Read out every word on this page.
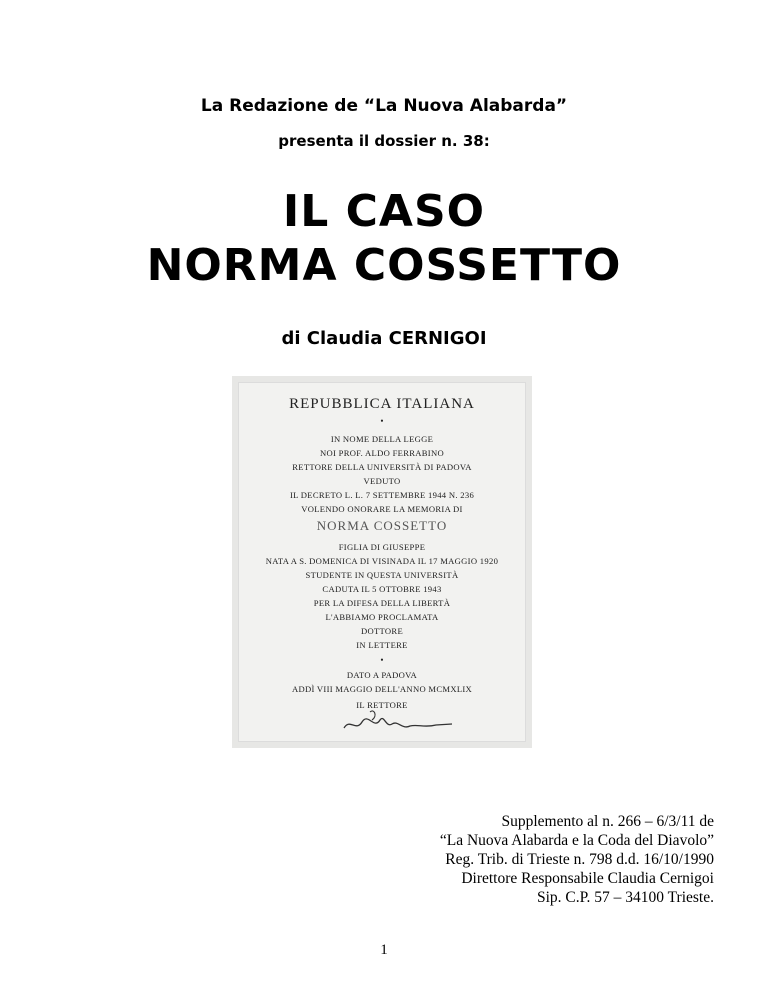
La Redazione de “La Nuova Alabarda”
presenta il dossier n. 38:
IL CASO
NORMA COSSETTO
di Claudia CERNIGOI
REPUBBLICA ITALIANA
•
IN NOME DELLA LEGGE
NOI PROF. ALDO FERRABINO
RETTORE DELLA UNIVERSITÀ DI PADOVA
VEDUTO
IL DECRETO L. L. 7 SETTEMBRE 1944 N. 236
VOLENDO ONORARE LA MEMORIA DI
NORMA COSSETTO
FIGLIA DI GIUSEPPE
NATA A S. DOMENICA DI VISINADA IL 17 MAGGIO 1920
STUDENTE IN QUESTA UNIVERSITÀ
CADUTA IL 5 OTTOBRE 1943
PER LA DIFESA DELLA LIBERTÀ
L'ABBIAMO PROCLAMATA
DOTTORE
IN LETTERE
•
DATO A PADOVA
ADDÌ VIII MAGGIO DELL'ANNO MCMXLIX
IL RETTORE
Supplemento al n. 266 – 6/3/11 de
“La Nuova Alabarda e la Coda del Diavolo”
Reg. Trib. di Trieste n. 798 d.d. 16/10/1990
Direttore Responsabile Claudia Cernigoi
Sip. C.P. 57 – 34100 Trieste.
1
